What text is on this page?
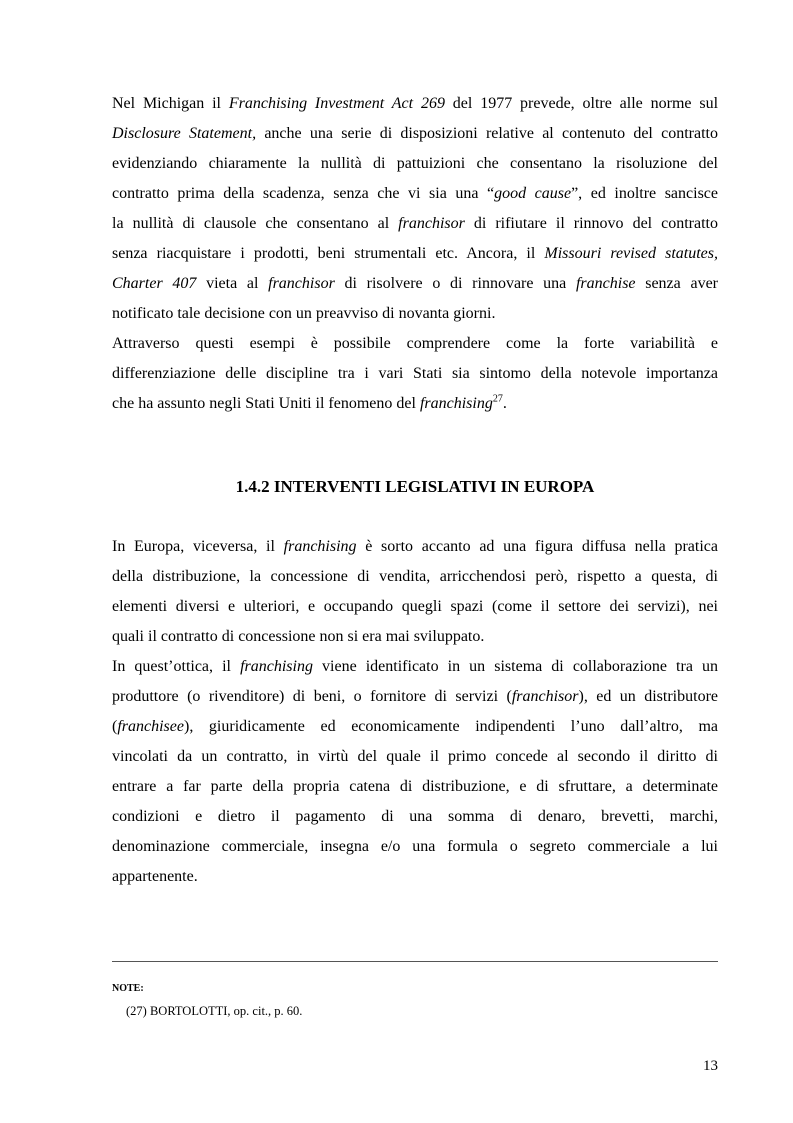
Nel Michigan il Franchising Investment Act 269 del 1977 prevede, oltre alle norme sul
Disclosure Statement, anche una serie di disposizioni relative al contenuto del contratto
evidenziando chiaramente la nullità di pattuizioni che consentano la risoluzione del
contratto prima della scadenza, senza che vi sia una “good cause”, ed inoltre sancisce
la nullità di clausole che consentano al franchisor di rifiutare il rinnovo del contratto
senza riacquistare i prodotti, beni strumentali etc. Ancora, il Missouri revised statutes,
Charter 407 vieta al franchisor di risolvere o di rinnovare una franchise senza aver
notificato tale decisione con un preavviso di novanta giorni.
Attraverso questi esempi è possibile comprendere come la forte variabilità e
differenziazione delle discipline tra i vari Stati sia sintomo della notevole importanza
che ha assunto negli Stati Uniti il fenomeno del franchising$^{27}$.
1.4.2 INTERVENTI LEGISLATIVI IN EUROPA
In Europa, viceversa, il franchising è sorto accanto ad una figura diffusa nella pratica
della distribuzione, la concessione di vendita, arricchendosi però, rispetto a questa, di
elementi diversi e ulteriori, e occupando quegli spazi (come il settore dei servizi), nei
quali il contratto di concessione non si era mai sviluppato.
In quest’ottica, il franchising viene identificato in un sistema di collaborazione tra un
produttore (o rivenditore) di beni, o fornitore di servizi (franchisor), ed un distributore
(franchisee), giuridicamente ed economicamente indipendenti l’uno dall’altro, ma
vincolati da un contratto, in virtù del quale il primo concede al secondo il diritto di
entrare a far parte della propria catena di distribuzione, e di sfruttare, a determinate
condizioni e dietro il pagamento di una somma di denaro, brevetti, marchi,
denominazione commerciale, insegna e/o una formula o segreto commerciale a lui
appartenente.
NOTE:
(27) BORTOLOTTI, op. cit., p. 60.
13
